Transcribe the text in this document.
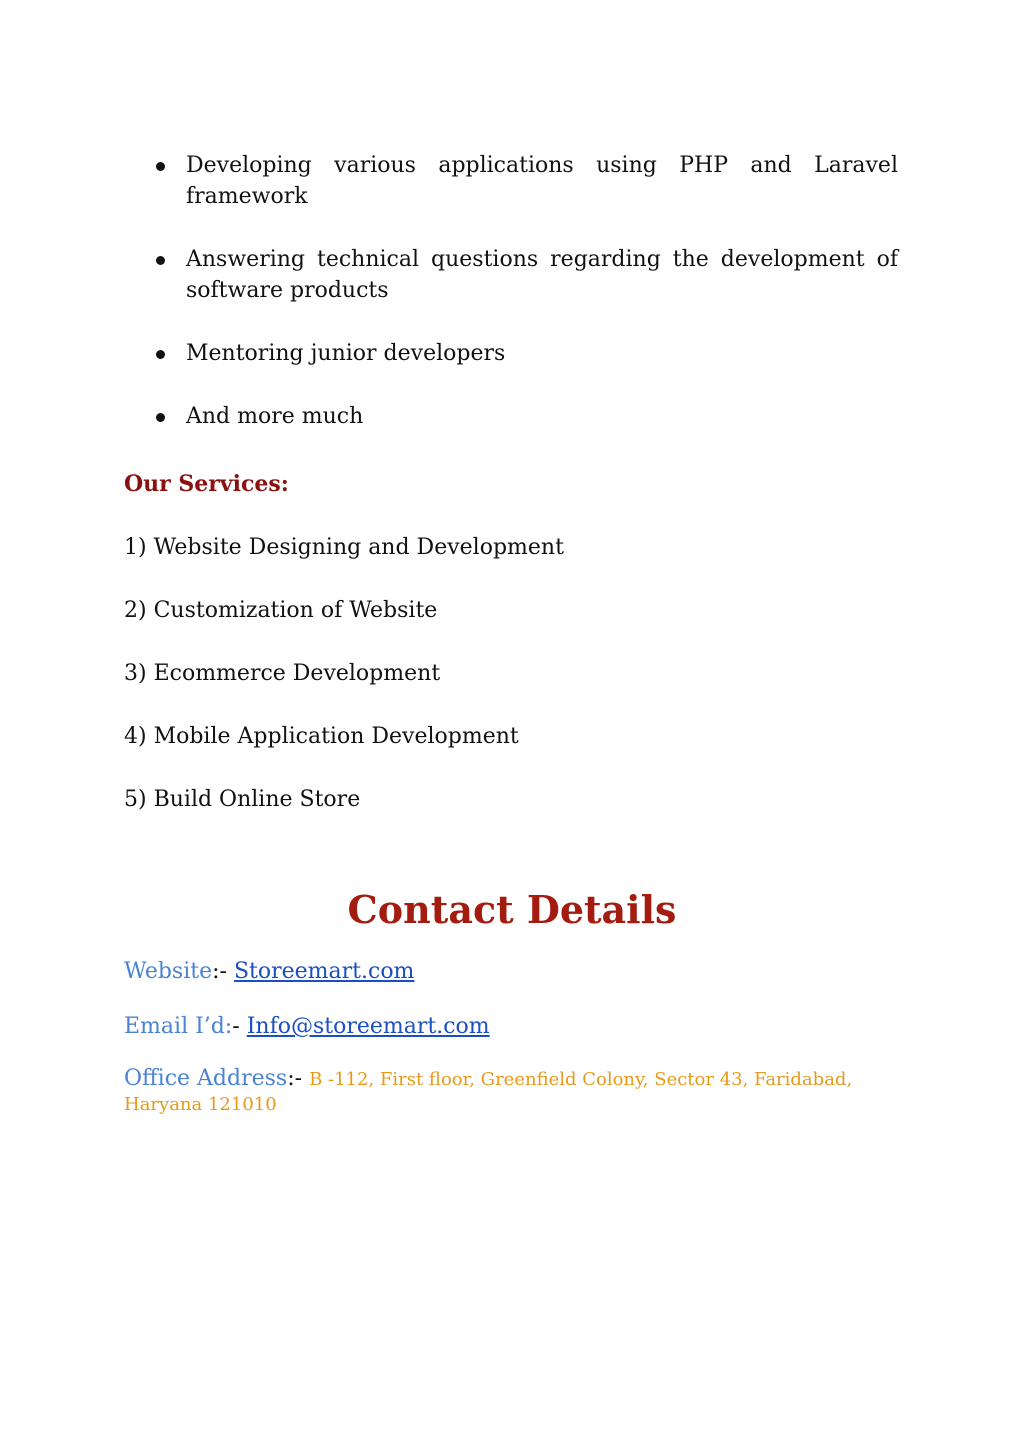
Developing various applications using PHP and Laravel framework
Answering technical questions regarding the development of software products
Mentoring junior developers
And more much
Our Services:
1) Website Designing and Development
2) Customization of Website
3) Ecommerce Development
4) Mobile Application Development
5) Build Online Store
Contact Details
Website:- Storeemart.com
Email I’d:- Info@storeemart.com
Office Address:- B -112, First floor, Greenfield Colony, Sector 43, Faridabad,
Haryana 121010
